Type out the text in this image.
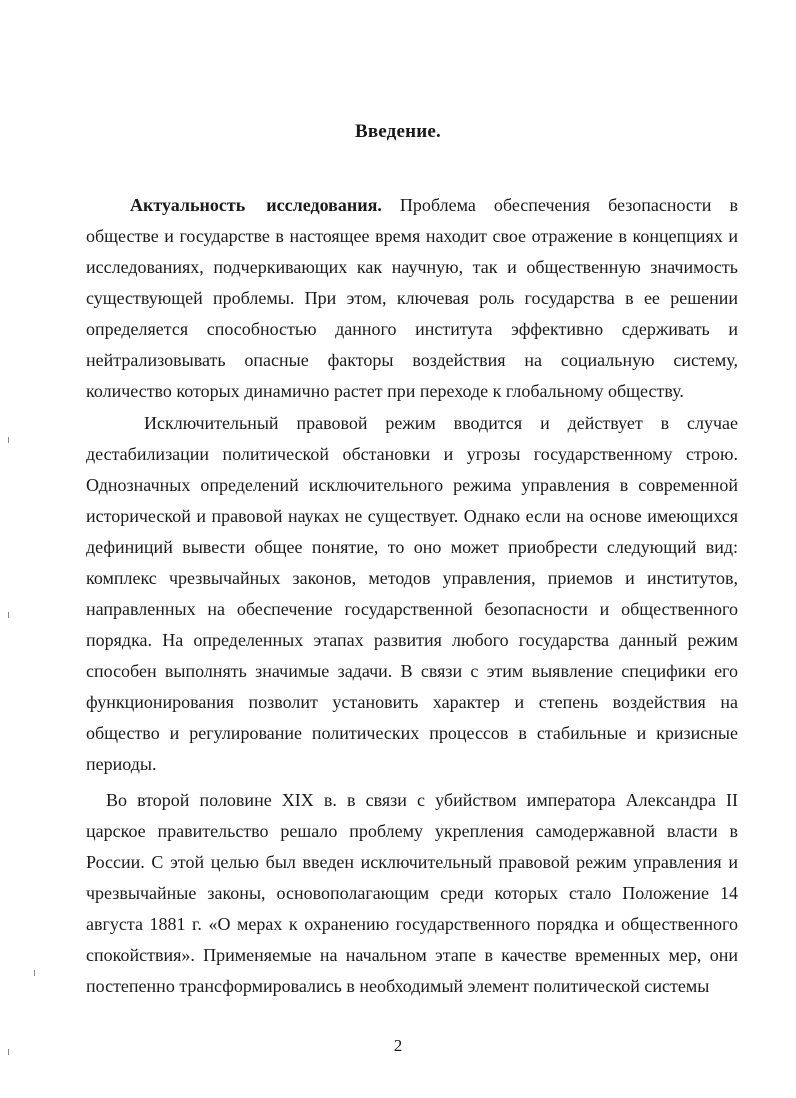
Введение.

Актуальность исследования. Проблема обеспечения безопасности в обществе и государстве в настоящее время находит свое отражение в концепциях и исследованиях, подчеркивающих как научную, так и общественную значимость существующей проблемы. При этом, ключевая роль государства в ее решении определяется способностью данного института эффективно сдерживать и нейтрализовывать опасные факторы воздействия на социальную систему, количество которых динамично растет при переходе к глобальному обществу.

Исключительный правовой режим вводится и действует в случае дестабилизации политической обстановки и угрозы государственному строю. Однозначных определений исключительного режима управления в современной исторической и правовой науках не существует. Однако если на основе имеющихся дефиниций вывести общее понятие, то оно может приобрести следующий вид: комплекс чрезвычайных законов, методов управления, приемов и институтов, направленных на обеспечение государственной безопасности и общественного порядка. На определенных этапах развития любого государства данный режим способен выполнять значимые задачи. В связи с этим выявление специфики его функционирования позволит установить характер и степень воздействия на общество и регулирование политических процессов в стабильные и кризисные периоды.

Во второй половине XIX в. в связи с убийством императора Александра II царское правительство решало проблему укрепления самодержавной власти в России. С этой целью был введен исключительный правовой режим управления и чрезвычайные законы, основополагающим среди которых стало Положение 14 августа 1881 г. «О мерах к охранению государственного порядка и общественного спокойствия». Применяемые на начальном этапе в качестве временных мер, они постепенно трансформировались в необходимый элемент политической системы

2
